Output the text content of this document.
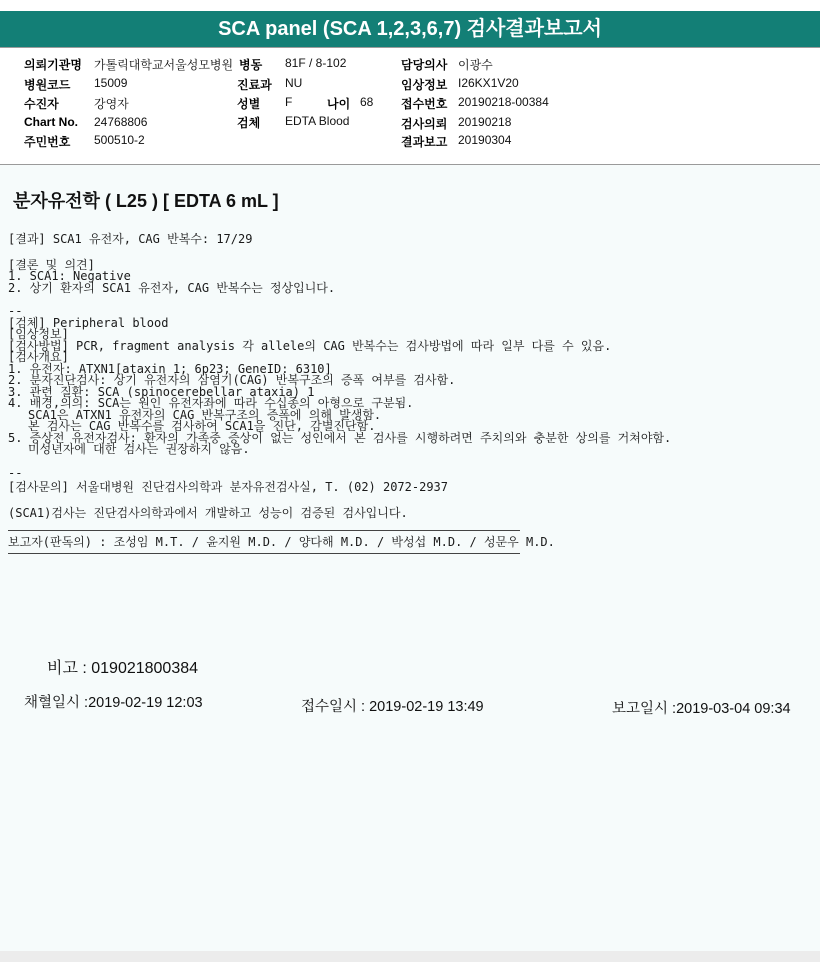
SCA panel (SCA 1,2,3,6,7) 검사결과보고서
의뢰기관명 가톨릭대학교서울성모병원 병동 81F / 8-102	담당의사 이광수
병원코드 15009	진료과 NU	임상정보 I26KX1V20
수진자	강영자	성별 F	나이 68 접수번호 20190218-00384
Chart No. 24768806	검체 EDTA Blood	검사의뢰 20190218
주민번호 500510-2	결과보고 20190304
분자유전학 ( L25 ) [ EDTA 6 mL ]
[결과] SCA1 유전자, CAG 반복수: 17/29
[결론 및 의견]
1. SCA1: Negative
2. 상기 환자의 SCA1 유전자, CAG 반복수는 정상입니다.
--
[검체] Peripheral blood
[임상정보]
[검사방법] PCR, fragment analysis 각 allele의 CAG 반복수는 검사방법에 따라 일부 다를 수 있음.
[검사개요]
1. 유전자: ATXN1[ataxin 1; 6p23; GeneID: 6310]
2. 분자진단검사: 상기 유전자의 삼염기(CAG) 반복구조의 증폭 여부를 검사함.
3. 관련 질환: SCA (spinocerebellar ataxia) 1
4. 배경,의의: SCA는 원인 유전자좌에 따라 수십종의 아형으로 구분됨.
SCA1은 ATXN1 유전자의 CAG 반복구조의 증폭에 의해 발생함.
본 검사는 CAG 반복수를 검사하여 SCA1을 진단, 감별진단함.
5. 증상전 유전자검사: 환자의 가족중 증상이 없는 성인에서 본 검사를 시행하려면 주치의와 충분한 상의를 거쳐야함.
미성년자에 대한 검사는 권장하지 않음.
--
[검사문의] 서울대병원 진단검사의학과 분자유전검사실, T. (02) 2072-2937
(SCA1)검사는 진단검사의학과에서 개발하고 성능이 검증된 검사입니다.
보고자(판독의) : 조성임 M.T. / 윤지원 M.D. / 양다해 M.D. / 박성섭 M.D. / 성문우 M.D.
비고 : 019021800384
채혈일시 :2019-02-19 12:03	접수일시 : 2019-02-19 13:49	보고일시 :2019-03-04 09:34
